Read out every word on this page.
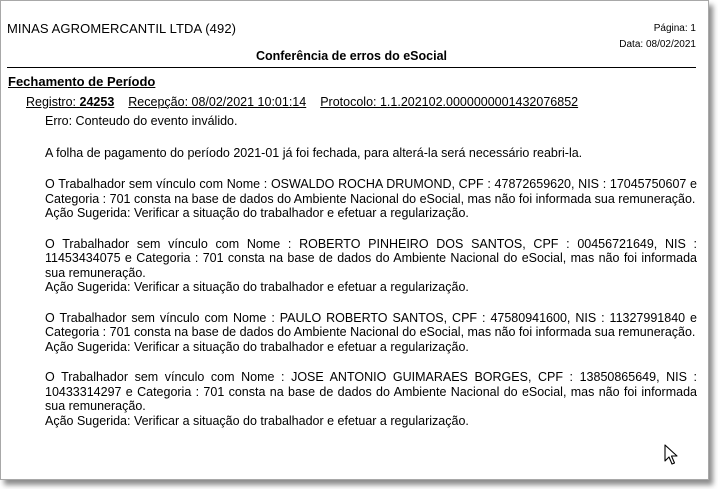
MINAS AGROMERCANTIL LTDA (492)	Página: 1
Data: 08/02/2021
Conferência de erros do eSocial
Fechamento de Período
Registro: 24253 Recepção: 08/02/2021 10:01:14 Protocolo: 1.1.202102.0000000001432076852

Erro: Conteudo do evento inválido.

A folha de pagamento do período 2021-01 já foi fechada, para alterá-la será necessário reabri-la.

O Trabalhador sem vínculo com Nome : OSWALDO ROCHA DRUMOND, CPF : 47872659620, NIS : 17045750607 e Categoria : 701 consta na base de dados do Ambiente Nacional do eSocial, mas não foi informada sua remuneração.

Ação Sugerida: Verificar a situação do trabalhador e efetuar a regularização.

O Trabalhador sem vínculo com Nome : ROBERTO PINHEIRO DOS SANTOS, CPF : 00456721649, NIS : 11453434075 e Categoria : 701 consta na base de dados do Ambiente Nacional do eSocial, mas não foi informada sua remuneração.

Ação Sugerida: Verificar a situação do trabalhador e efetuar a regularização.

O Trabalhador sem vínculo com Nome : PAULO ROBERTO SANTOS, CPF : 47580941600, NIS : 11327991840 e Categoria : 701 consta na base de dados do Ambiente Nacional do eSocial, mas não foi informada sua remuneração.

Ação Sugerida: Verificar a situação do trabalhador e efetuar a regularização.

O Trabalhador sem vínculo com Nome : JOSE ANTONIO GUIMARAES BORGES, CPF : 13850865649, NIS : 10433314297 e Categoria : 701 consta na base de dados do Ambiente Nacional do eSocial, mas não foi informada sua remuneração.

Ação Sugerida: Verificar a situação do trabalhador e efetuar a regularização.
